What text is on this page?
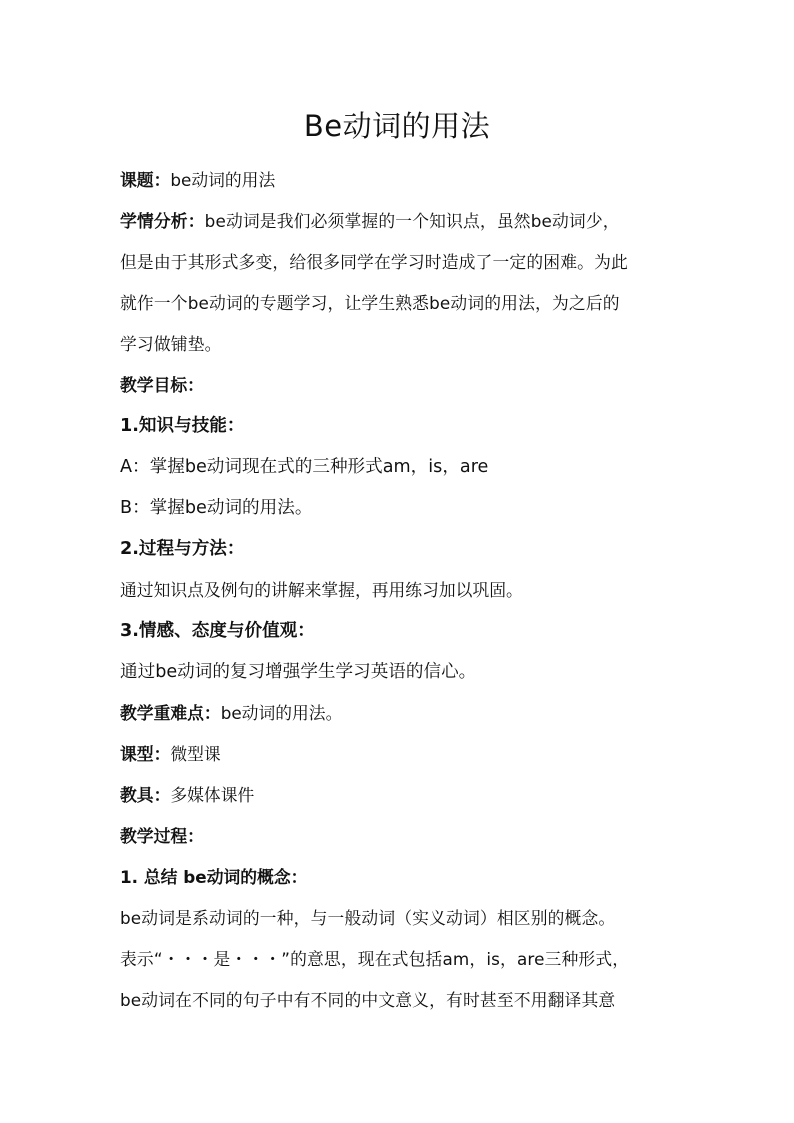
Be动词的用法
课题：be动词的用法
学情分析：be动词是我们必须掌握的一个知识点，虽然be动词少，
但是由于其形式多变，给很多同学在学习时造成了一定的困难。为此
就作一个be动词的专题学习，让学生熟悉be动词的用法，为之后的
学习做铺垫。
教学目标：
1.知识与技能：
A：掌握be动词现在式的三种形式am，is，are
B：掌握be动词的用法。
2.过程与方法：
通过知识点及例句的讲解来掌握，再用练习加以巩固。
3.情感、态度与价值观：
通过be动词的复习增强学生学习英语的信心。
教学重难点：be动词的用法。
课型：微型课
教具：多媒体课件
教学过程：
1. 总结 be动词的概念：
be动词是系动词的一种，与一般动词（实义动词）相区别的概念。
表示“・・・是・・・”的意思，现在式包括am，is，are三种形式，
be动词在不同的句子中有不同的中文意义，有时甚至不用翻译其意
